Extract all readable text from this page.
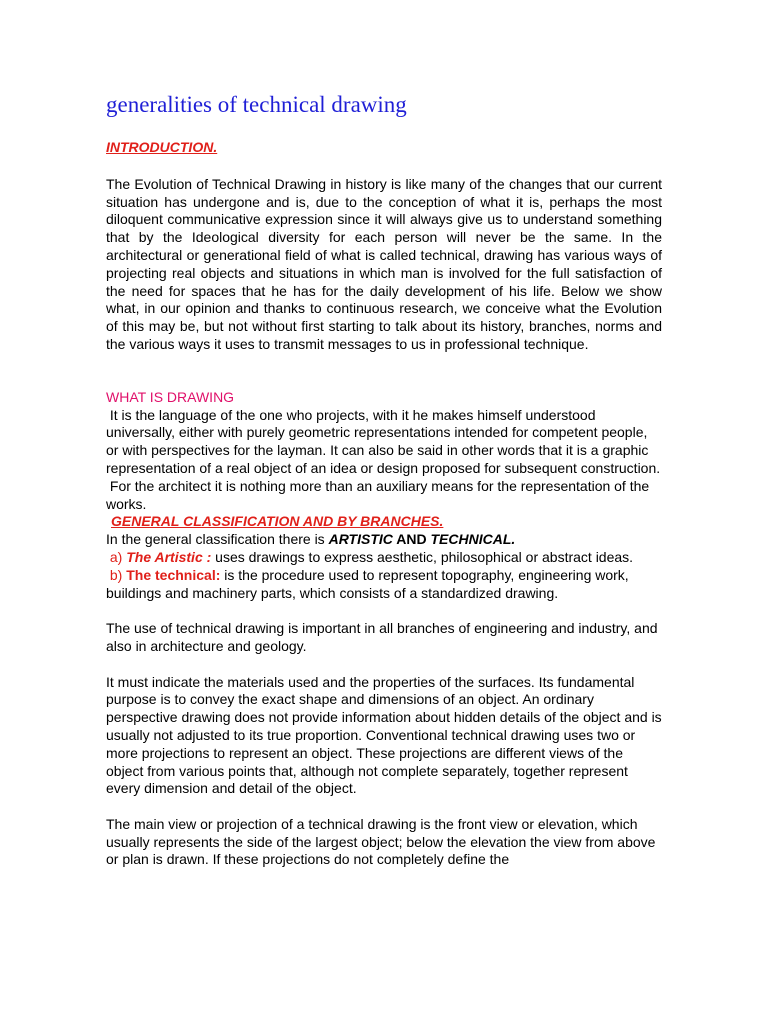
generalities of technical drawing
INTRODUCTION.

The Evolution of Technical Drawing in history is like many of the changes that our current situation has undergone and is, due to the conception of what it is, perhaps the most diloquent communicative expression since it will always give us to understand something that by the Ideological diversity for each person will never be the same. In the architectural or generational field of what is called technical, drawing has various ways of projecting real objects and situations in which man is involved for the full satisfaction of the need for spaces that he has for the daily development of his life. Below we show what, in our opinion and thanks to continuous research, we conceive what the Evolution of this may be, but not without first starting to talk about its history, branches, norms and the various ways it uses to transmit messages to us in professional technique.

WHAT IS DRAWING

It is the language of the one who projects, with it he makes himself understood universally, either with purely geometric representations intended for competent people, or with perspectives for the layman. It can also be said in other words that it is a graphic representation of a real object of an idea or design proposed for subsequent construction.

For the architect it is nothing more than an auxiliary means for the representation of the works.

GENERAL CLASSIFICATION AND BY BRANCHES.

In the general classification there is ARTISTIC AND TECHNICAL.

a) The Artistic : uses drawings to express aesthetic, philosophical or abstract ideas.

b) The technical: is the procedure used to represent topography, engineering work, buildings and machinery parts, which consists of a standardized drawing.

The use of technical drawing is important in all branches of engineering and industry, and also in architecture and geology.

It must indicate the materials used and the properties of the surfaces. Its fundamental purpose is to convey the exact shape and dimensions of an object. An ordinary perspective drawing does not provide information about hidden details of the object and is usually not adjusted to its true proportion. Conventional technical drawing uses two or more projections to represent an object. These projections are different views of the object from various points that, although not complete separately, together represent every dimension and detail of the object.

The main view or projection of a technical drawing is the front view or elevation, which usually represents the side of the largest object; below the elevation the view from above or plan is drawn. If these projections do not completely define the
